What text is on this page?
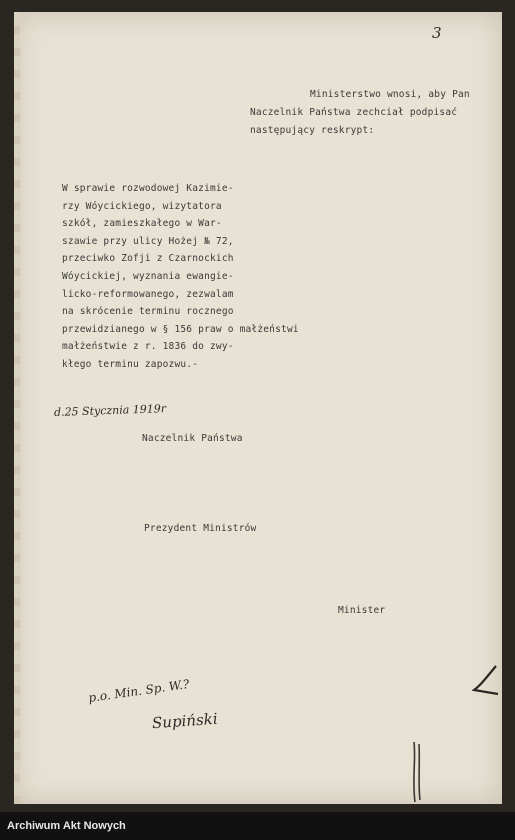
3

Ministerstwo wnosi, aby Pan

Naczelnik Państwa zechciał podpisać

następujący reskrypt:

W sprawie rozwodowej Kazimie-

rzy Wóycickiego, wizytatora

szkół, zamieszkałego w War-

szawie przy ulicy Hożej № 72,

przeciwko Zofji z Czarnockich

Wóycickiej, wyznania ewangie-

licko-reformowanego, zezwalam

na skrócenie terminu rocznego

przewidzianego w § 156 praw o małżeństwi

małżeństwie z r. 1836 do zwy-

kłego terminu zapozwu.-

d.25 Stycznia 1919r

Naczelnik Państwa

Prezydent Ministrów

Minister

p.o. Min. Sp. W.?
Supiński
Archiwum Akt Nowych
